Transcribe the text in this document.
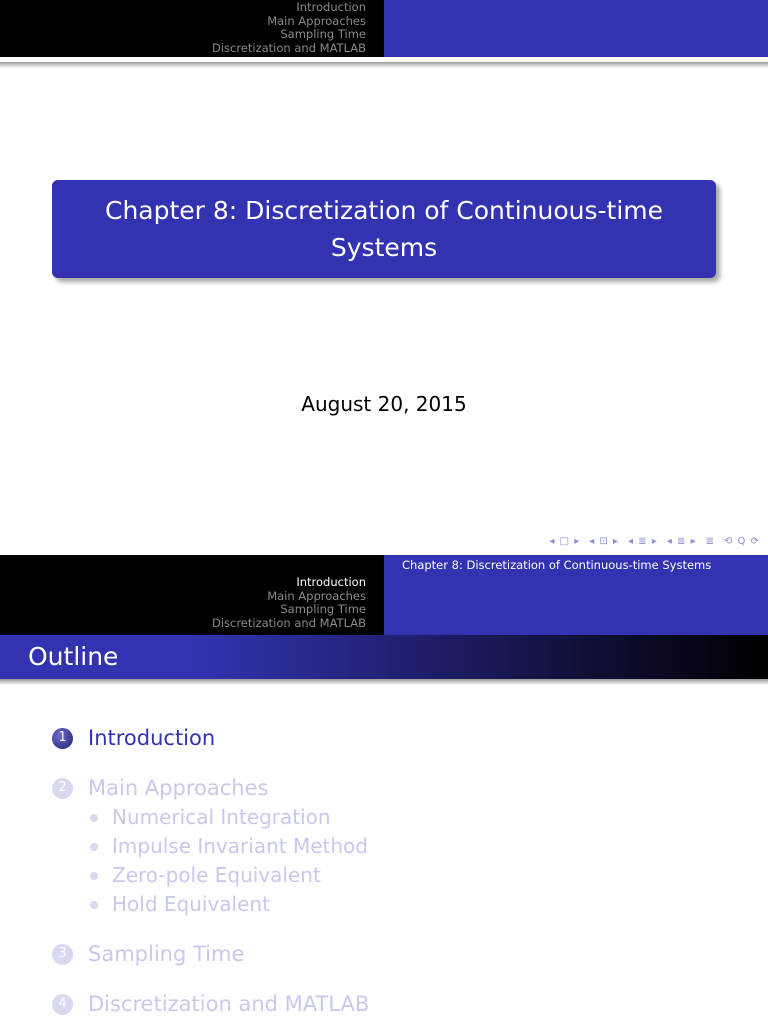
Introduction
Main Approaches
Sampling Time
Discretization and MATLAB
Chapter 8: Discretization of Continuous-time Systems
August 20, 2015
◂ □ ▸ ◂ ⊡ ▸ ◂ ≣ ▸ ◂ ≣ ▸ ≣ ⟲ Q ⟳
Introduction
Main Approaches
Sampling Time
Discretization and MATLAB
Chapter 8: Discretization of Continuous-time Systems
Outline
1	Introduction
2	Main Approaches
Numerical Integration
Impulse Invariant Method
Zero-pole Equivalent
Hold Equivalent
3	Sampling Time
4	Discretization and MATLAB
